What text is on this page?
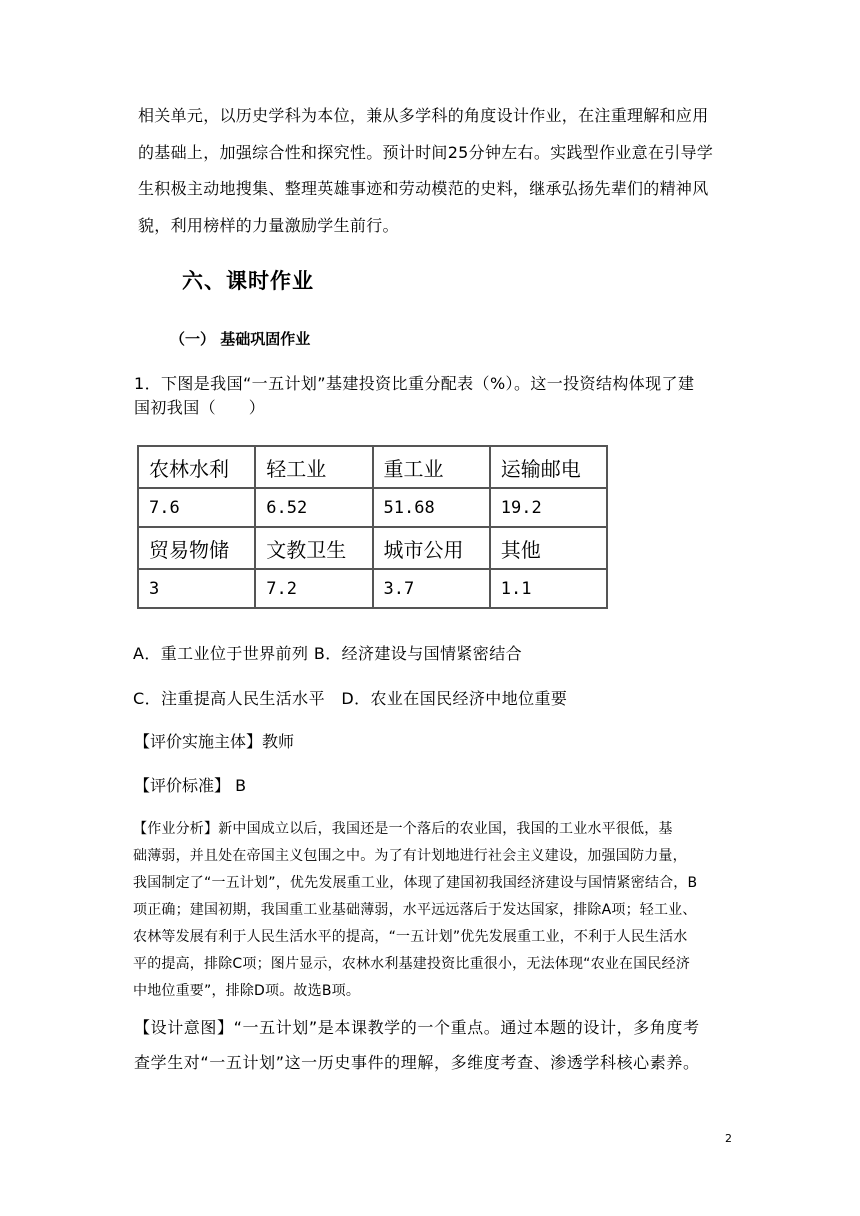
相关单元，以历史学科为本位，兼从多学科的角度设计作业，在注重理解和应用
的基础上，加强综合性和探究性。预计时间25分钟左右。实践型作业意在引导学
生积极主动地搜集、整理英雄事迹和劳动模范的史料，继承弘扬先辈们的精神风
貌，利用榜样的力量激励学生前行。
六、课时作业
（一） 基础巩固作业

1．下图是我国“一五计划”基建投资比重分配表（%）。这一投资结构体现了建

国初我国（　　）

农林水利	轻工业	重工业	运输邮电
7.6	6.52	51.68	19.2
贸易物储	文教卫生	城市公用	其他
3	7.2	3.7	1.1

A．重工业位于世界前列 B．经济建设与国情紧密结合

C．注重提高人民生活水平　D．农业在国民经济中地位重要

【评价实施主体】教师

【评价标准】 B

【作业分析】新中国成立以后，我国还是一个落后的农业国，我国的工业水平很低，基
础薄弱，并且处在帝国主义包围之中。为了有计划地进行社会主义建设，加强国防力量，
我国制定了“一五计划”，优先发展重工业，体现了建国初我国经济建设与国情紧密结合，B
项正确；建国初期，我国重工业基础薄弱，水平远远落后于发达国家，排除A项；轻工业、
农林等发展有利于人民生活水平的提高，“一五计划”优先发展重工业，不利于人民生活水
平的提高，排除C项；图片显示，农林水利基建投资比重很小，无法体现“农业在国民经济
中地位重要”，排除D项。故选B项。
【设计意图】“一五计划”是本课教学的一个重点。通过本题的设计，多角度考
查学生对“一五计划”这一历史事件的理解，多维度考查、渗透学科核心素养。
2
